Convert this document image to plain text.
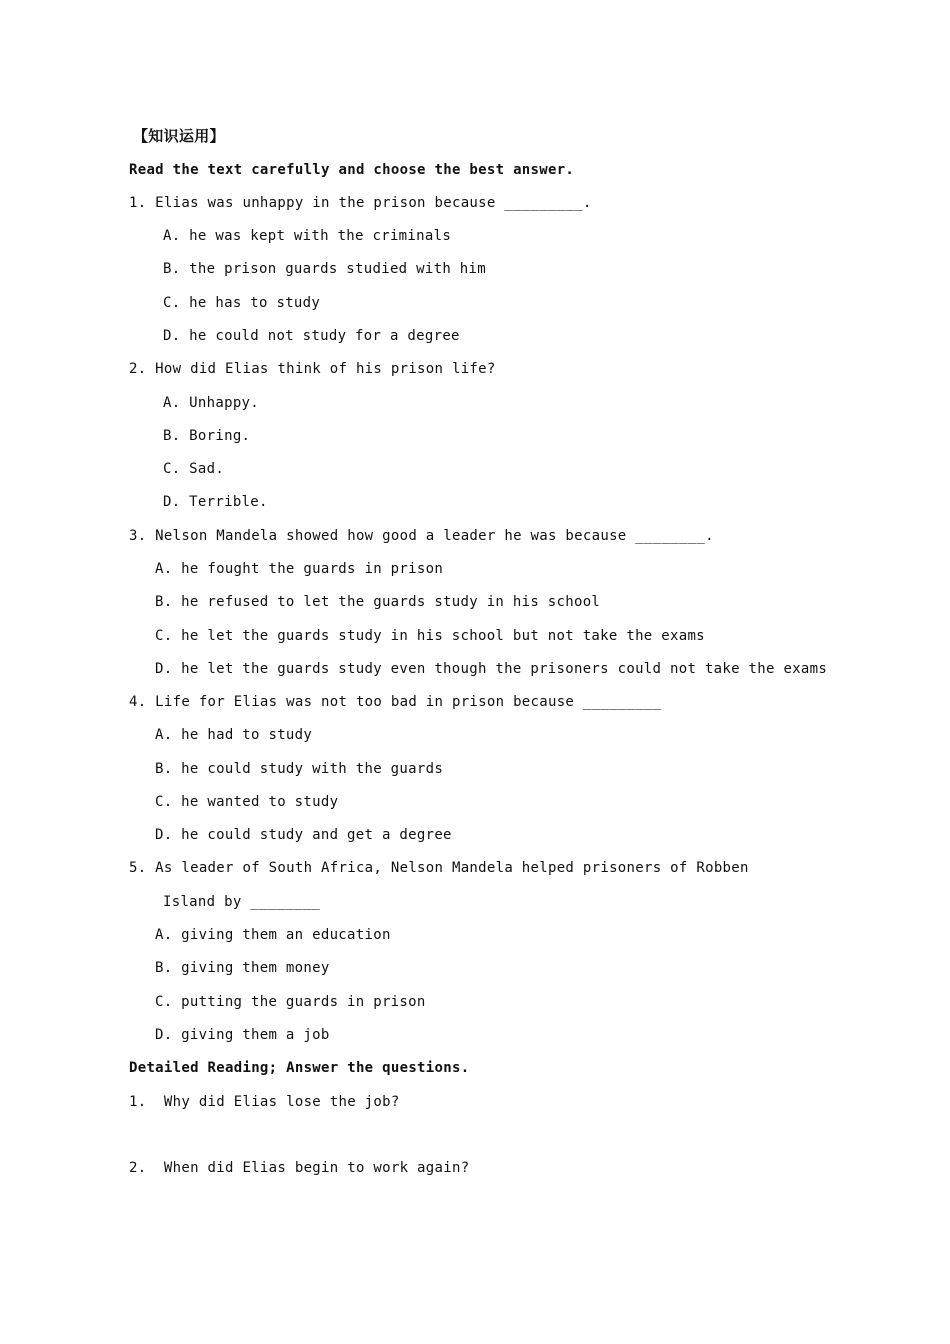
【知识运用】
Read the text carefully and choose the best answer.
1. Elias was unhappy in the prison because _________.
A. he was kept with the criminals
B. the prison guards studied with him
C. he has to study
D. he could not study for a degree
2. How did Elias think of his prison life?
A. Unhappy.
B. Boring.
C. Sad.
D. Terrible.
3. Nelson Mandela showed how good a leader he was because ________.
A. he fought the guards in prison
B. he refused to let the guards study in his school
C. he let the guards study in his school but not take the exams
D. he let the guards study even though the prisoners could not take the exams
4. Life for Elias was not too bad in prison because _________
A. he had to study
B. he could study with the guards
C. he wanted to study
D. he could study and get a degree
5. As leader of South Africa, Nelson Mandela helped prisoners of Robben
Island by ________
A. giving them an education
B. giving them money
C. putting the guards in prison
D. giving them a job
Detailed Reading; Answer the questions.
1.  Why did Elias lose the job?
2.  When did Elias begin to work again?
